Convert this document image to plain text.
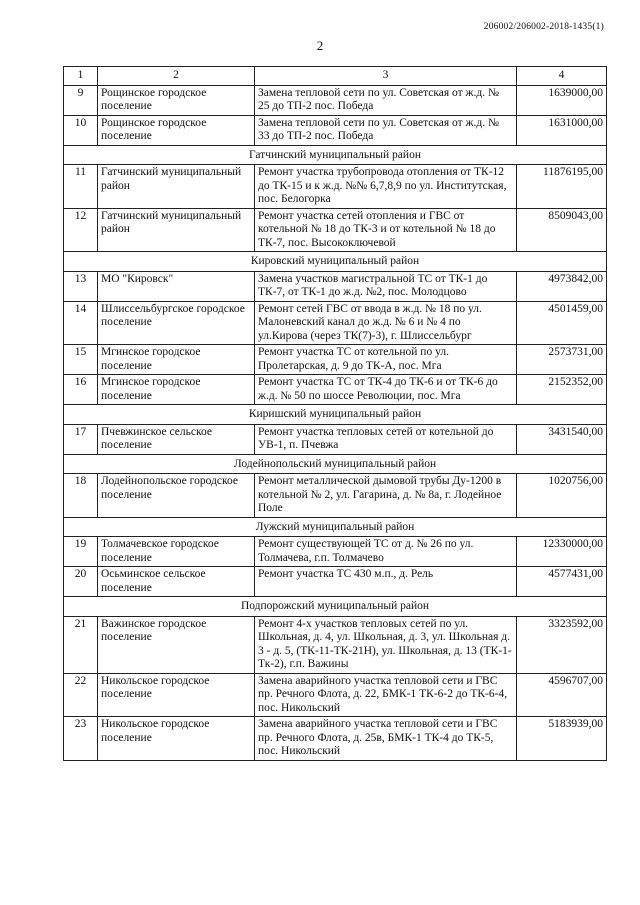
206002/206002-2018-1435(1)
2
1	2	3	4
9	Рощинское городское поселение	Замена тепловой сети по ул. Советская от ж.д. № 25 до ТП-2 пос. Победа	1639000,00
10	Рощинское городское поселение	Замена тепловой сети по ул. Советская от ж.д. № 33 до ТП-2 пос. Победа	1631000,00
Гатчинский муниципальный район			
11	Гатчинский муниципальный район	Ремонт участка трубопровода отопления от ТК-12 до ТК-15 и к ж.д. №№ 6,7,8,9 по ул. Институтская, пос. Белогорка	11876195,00
12	Гатчинский муниципальный район	Ремонт участка сетей отопления и ГВС от котельной № 18 до ТК-3 и от котельной № 18 до ТК-7, пос. Высокоключевой	8509043,00
Кировский муниципальный район			
13	МО "Кировск"	Замена участков магистральной ТС от ТК-1 до ТК-7, от ТК-1 до ж.д. №2, пос. Молодцово	4973842,00
14	Шлиссельбургское городское поселение	Ремонт сетей ГВС от ввода в ж.д. № 18 по ул. Малоневский канал до ж.д. № 6 и № 4 по ул.Кирова (через ТК(7)-3), г. Шлиссельбург	4501459,00
15	Мгинское городское поселение	Ремонт участка ТС от котельной по ул. Пролетарская, д. 9 до ТК-А, пос. Мга	2573731,00
16	Мгинское городское поселение	Ремонт участка ТС от ТК-4 до ТК-6 и от ТК-6 до ж.д. № 50 по шоссе Революции, пос. Мга	2152352,00
Киришский муниципальный район			
17	Пчевжинское сельское поселение	Ремонт участка тепловых сетей от котельной до УВ-1, п. Пчевжа	3431540,00
Лодейнопольский муниципальный район			
18	Лодейнопольское городское поселение	Ремонт металлической дымовой трубы Ду-1200 в котельной № 2, ул. Гагарина, д. № 8а, г. Лодейное Поле	1020756,00
Лужский муниципальный район			
19	Толмачевское городское поселение	Ремонт существующей ТС от д. № 26 по ул. Толмачева, г.п. Толмачево	12330000,00
20	Осьминское сельское поселение	Ремонт участка ТС 430 м.п., д. Рель	4577431,00
Подпорожский муниципальный район			
21	Важинское городское поселение	Ремонт 4-х участков тепловых сетей по ул. Школьная, д. 4, ул. Школьная, д. 3, ул. Школьная д. 3 - д. 5, (ТК-11-ТК-21Н), ул. Школьная, д. 13 (ТК-1-Тк-2), г.п. Важины	3323592,00
22	Никольское городское поселение	Замена аварийного участка тепловой сети и ГВС пр. Речного Флота, д. 22, БМК-1 ТК-6-2 до ТК-6-4, пос. Никольский	4596707,00
23	Никольское городское поселение	Замена аварийного участка тепловой сети и ГВС пр. Речного Флота, д. 25в, БМК-1 ТК-4 до ТК-5, пос. Никольский	5183939,00
